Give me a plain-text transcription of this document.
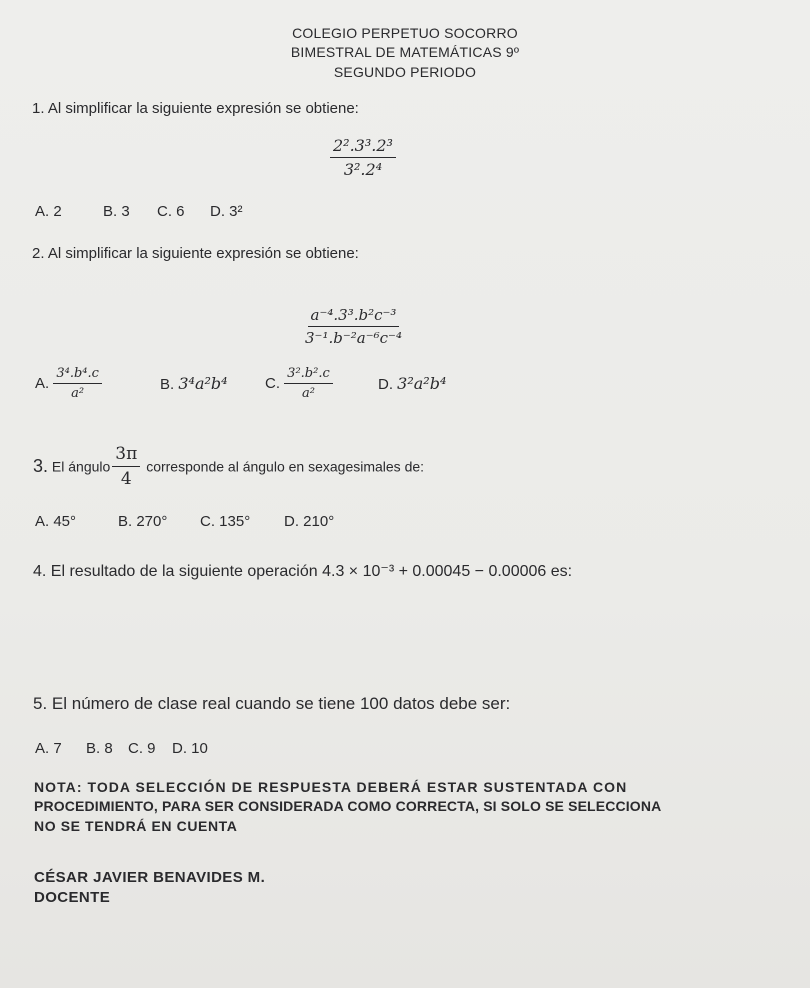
COLEGIO PERPETUO SOCORRO
BIMESTRAL DE MATEMÁTICAS 9º
SEGUNDO PERIODO
1. Al simplificar la siguiente expresión se obtiene:
$\frac{\text{2².3³.2³}}{\text{3².2⁴}}$
A. 2	B. 3 C. 6 D. 3²
2. Al simplificar la siguiente expresión se obtiene:
$\frac{\text{a⁻⁴.3³.b²c⁻³}}{\text{3⁻¹.b⁻²a⁻⁶c⁻⁴}}$
A. $\frac{\text{3⁴.b⁴.c}}{\text{a²}}$	B. 3⁴a²b⁴ C. $\frac{\text{3².b².c}}{\text{a²}}$	D. 3²a²b⁴
3. El ángulo $\frac{3\pi}{4}$ corresponde al ángulo en sexagesimales de:
A. 45°	B. 270° C. 135° D. 210°
4. El resultado de la siguiente operación 4.3 × 10⁻³ + 0.00045 − 0.00006 es:
5. El número de clase real cuando se tiene 100 datos debe ser:
A. 7 B. 8 C. 9 D. 10
NOTA: TODA SELECCIÓN DE RESPUESTA DEBERÁ ESTAR SUSTENTADA CON
PROCEDIMIENTO, PARA SER CONSIDERADA COMO CORRECTA, SI SOLO SE SELECCIONA
NO SE TENDRÁ EN CUENTA
CÉSAR JAVIER BENAVIDES M.
DOCENTE
